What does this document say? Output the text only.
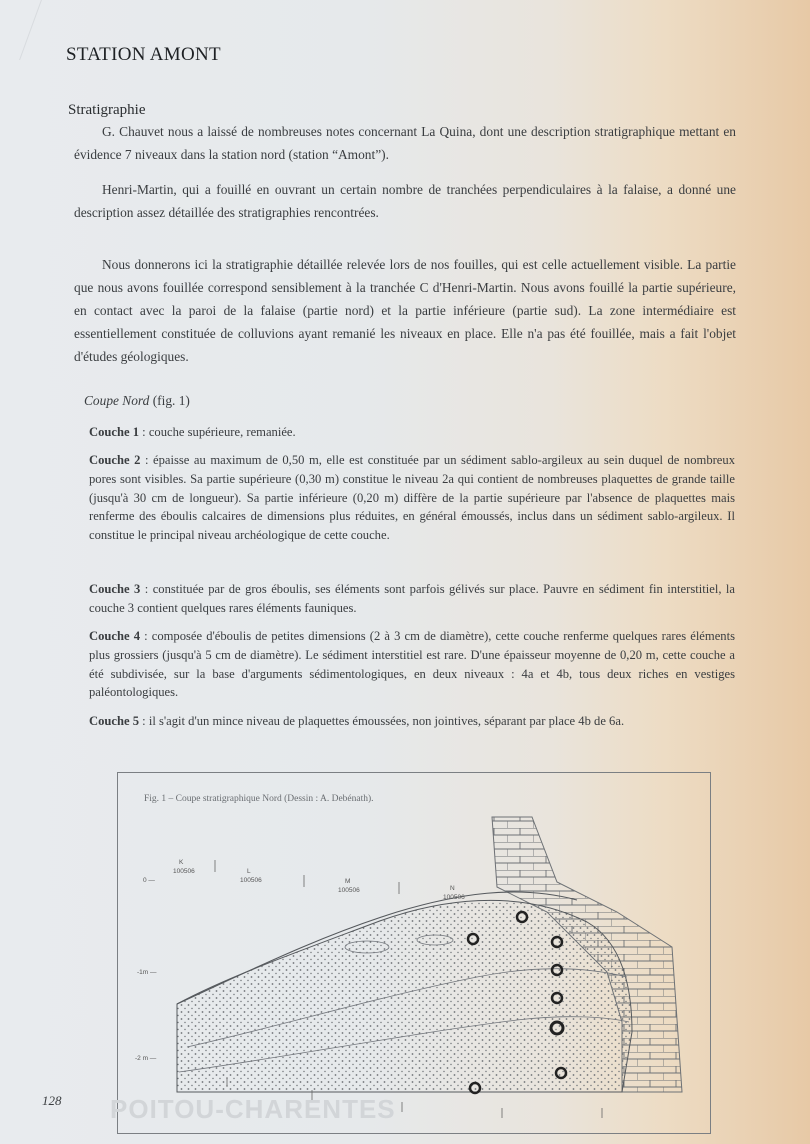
STATION AMONT
Stratigraphie

G. Chauvet nous a laissé de nombreuses notes concernant La Quina, dont une description stratigraphique mettant en évidence 7 niveaux dans la station nord (station “Amont”).

Henri-Martin, qui a fouillé en ouvrant un certain nombre de tranchées perpendiculaires à la falaise, a donné une description assez détaillée des stratigraphies rencontrées.

Nous donnerons ici la stratigraphie détaillée relevée lors de nos fouilles, qui est celle actuellement visible. La partie que nous avons fouillée correspond sensiblement à la tranchée C d'Henri-Martin. Nous avons fouillé la partie supérieure, en contact avec la paroi de la falaise (partie nord) et la partie inférieure (partie sud). La zone intermédiaire est essentiellement constituée de colluvions ayant remanié les niveaux en place. Elle n'a pas été fouillée, mais a fait l'objet d'études géologiques.

Coupe Nord (fig. 1)
Couche 1 : couche supérieure, remaniée.
Couche 2 : épaisse au maximum de 0,50 m, elle est constituée par un sédiment sablo-argileux au sein duquel de nombreux pores sont visibles. Sa partie supérieure (0,30 m) constitue le niveau 2a qui contient de nombreuses plaquettes de grande taille (jusqu'à 30 cm de longueur). Sa partie inférieure (0,20 m) diffère de la partie supérieure par l'absence de plaquettes mais renferme des éboulis calcaires de dimensions plus réduites, en général émoussés, inclus dans un sédiment sablo-argileux. Il constitue le principal niveau archéologique de cette couche.
Couche 3 : constituée par de gros éboulis, ses éléments sont parfois gélivés sur place. Pauvre en sédiment fin interstitiel, la couche 3 contient quelques rares éléments fauniques.
Couche 4 : composée d'éboulis de petites dimensions (2 à 3 cm de diamètre), cette couche renferme quelques rares éléments plus grossiers (jusqu'à 5 cm de diamètre). Le sédiment interstitiel est rare. D'une épaisseur moyenne de 0,20 m, cette couche a été subdivisée, sur la base d'arguments sédimentologiques, en deux niveaux : 4a et 4b, tous deux riches en vestiges paléontologiques.
Couche 5 : il s'agit d'un mince niveau de plaquettes émoussées, non jointives, séparant par place 4b de 6a.
Fig. 1 – Coupe stratigraphique Nord (Dessin : A. Debénath).
K
100506	L
100506	M
100506	N
100506
0 —
-1m —
-2 m —
POITOU-CHARENTES
128
